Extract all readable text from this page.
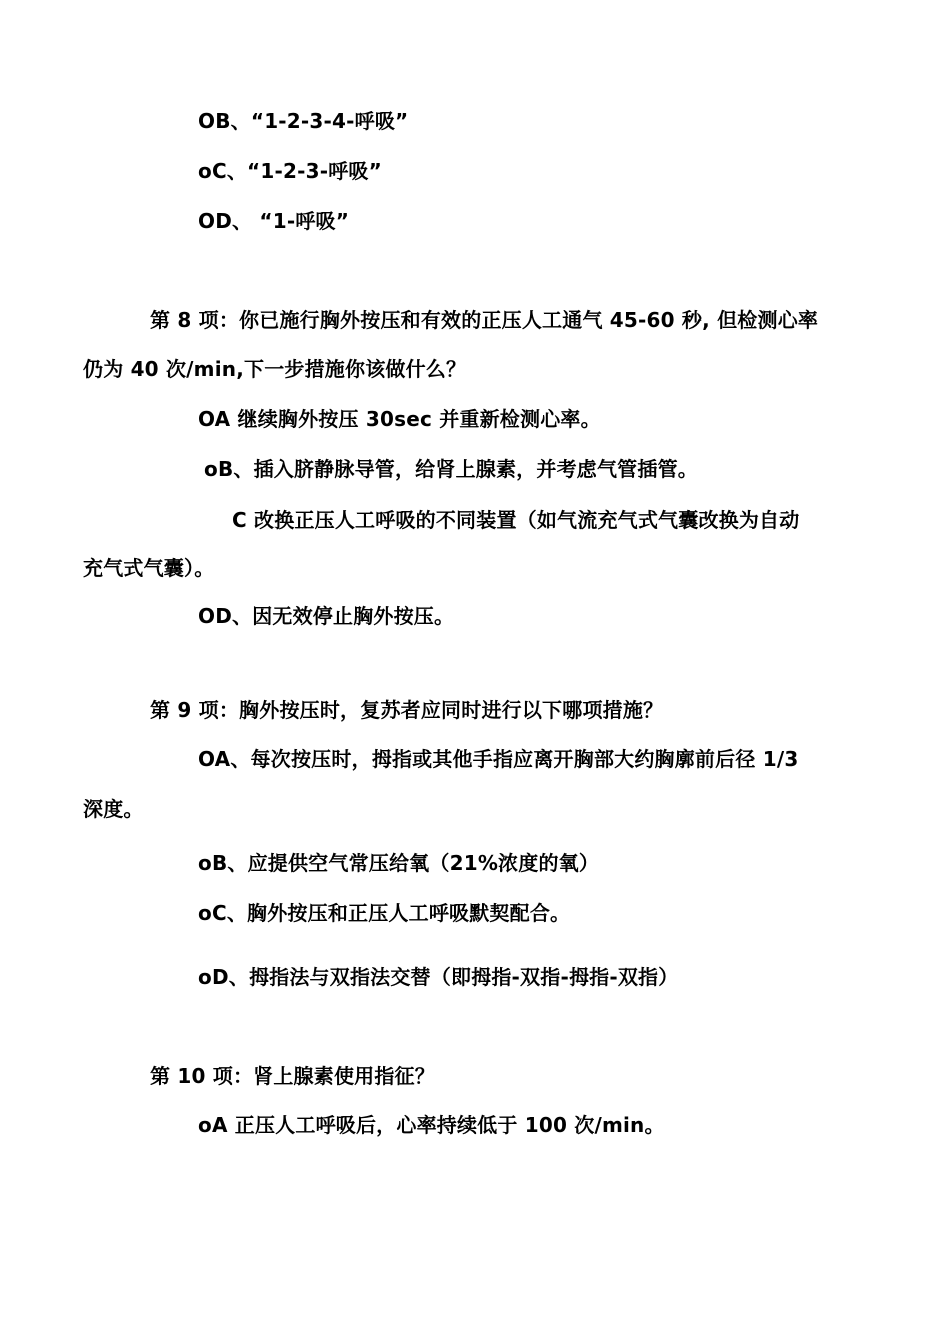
OB、“1-2-3-4-呼吸”
oC、“1-2-3-呼吸”
OD、 “1-呼吸”
第 8 项：你已施行胸外按压和有效的正压人工通气 45-60 秒, 但检测心率
仍为 40 次/min,下一步措施你该做什么？
OA 继续胸外按压 30sec 并重新检测心率。
oB、插入脐静脉导管，给肾上腺素，并考虑气管插管。
C 改换正压人工呼吸的不同装置（如气流充气式气囊改换为自动
充气式气囊）。
OD、因无效停止胸外按压。
第 9 项：胸外按压时，复苏者应同时进行以下哪项措施？
OA、每次按压时，拇指或其他手指应离开胸部大约胸廓前后径 1/3
深度。
oB、应提供空气常压给氧（21%浓度的氧）
oC、胸外按压和正压人工呼吸默契配合。
oD、拇指法与双指法交替（即拇指-双指-拇指-双指）
第 10 项：肾上腺素使用指征？
oA 正压人工呼吸后，心率持续低于 100 次/min。
